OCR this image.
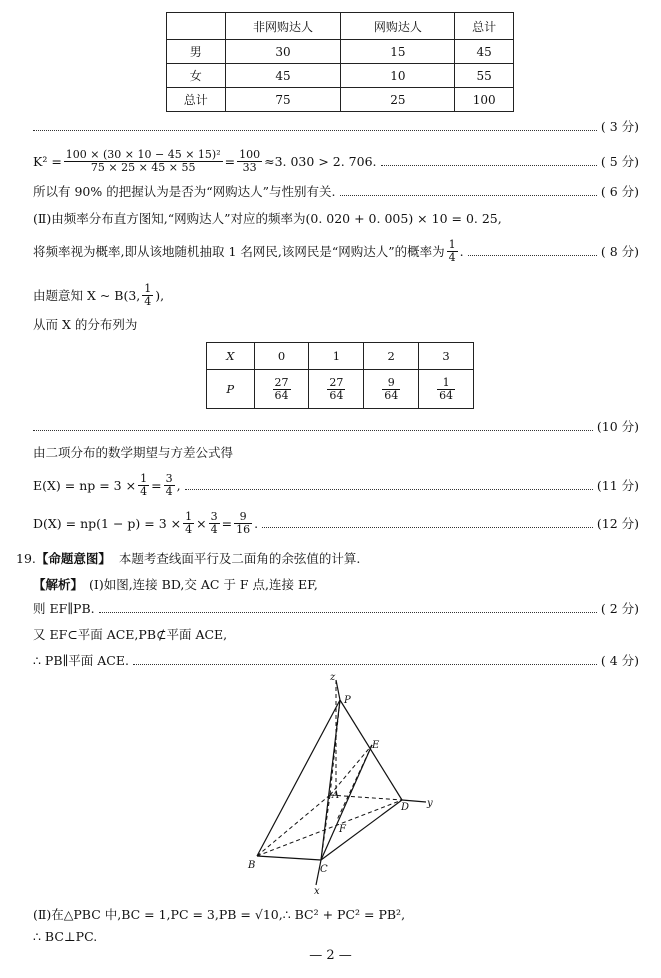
	非网购达人	网购达人	总计
男	30	15	45
女	45	10	55
总计	75	25	100
( 3 分)
$K^2 = \frac{\text{100 × (30 × 10 − 45 × 15)²}}{75 \times 25 \times 45 \times 55} = \frac{100}{33} \approx 3$. 030 > 2. 706.	( 5 分)
所以有 90% 的把握认为是否为“网购达人”与性别有关.	( 6 分)
(Ⅱ)由频率分布直方图知,“网购达人”对应的频率为(0. 020 + 0. 005) × 10 = 0. 25,
将频率视为概率,即从该地随机抽取 1 名网民,该网民是“网购达人”的概率为 $\frac{1}{4}$ .	( 8 分)
由题意知 X ~ B(3, $\frac{1}{4}$ ),
从而 X 的分布列为
X	0	1	2	3
P	$\frac{27}{64}$	$\frac{27}{64}$	$\frac{9}{64}$	$\frac{1}{64}$
(10 分)
由二项分布的数学期望与方差公式得
E(X) = np = $3 \times \frac{1}{4} = \frac{3}{4}$ ,	(11 分)
$D(X) = np(1 - p) = 3 \times \frac{1}{4} \times \frac{3}{4} = \frac{9}{16}$ .	(12 分)
19. 【命题意图】 本题考查线面平行及二面角的余弦值的计算.
【解析】 (Ⅰ)如图,连接 BD,交 AC 于 F 点,连接 EF,
则 EF∥PB.	( 2 分)
又 EF⊂平面 ACE,PB⊄平面 ACE,
∴ PB∥平面 ACE.	( 4 分)
z
P
E
A
D y
F
B	C
x
(Ⅱ)在△PBC 中,BC = 1,PC = 3,PB = √10,∴ BC² + PC² = PB²,
∴ BC⊥PC.
— 2 —
